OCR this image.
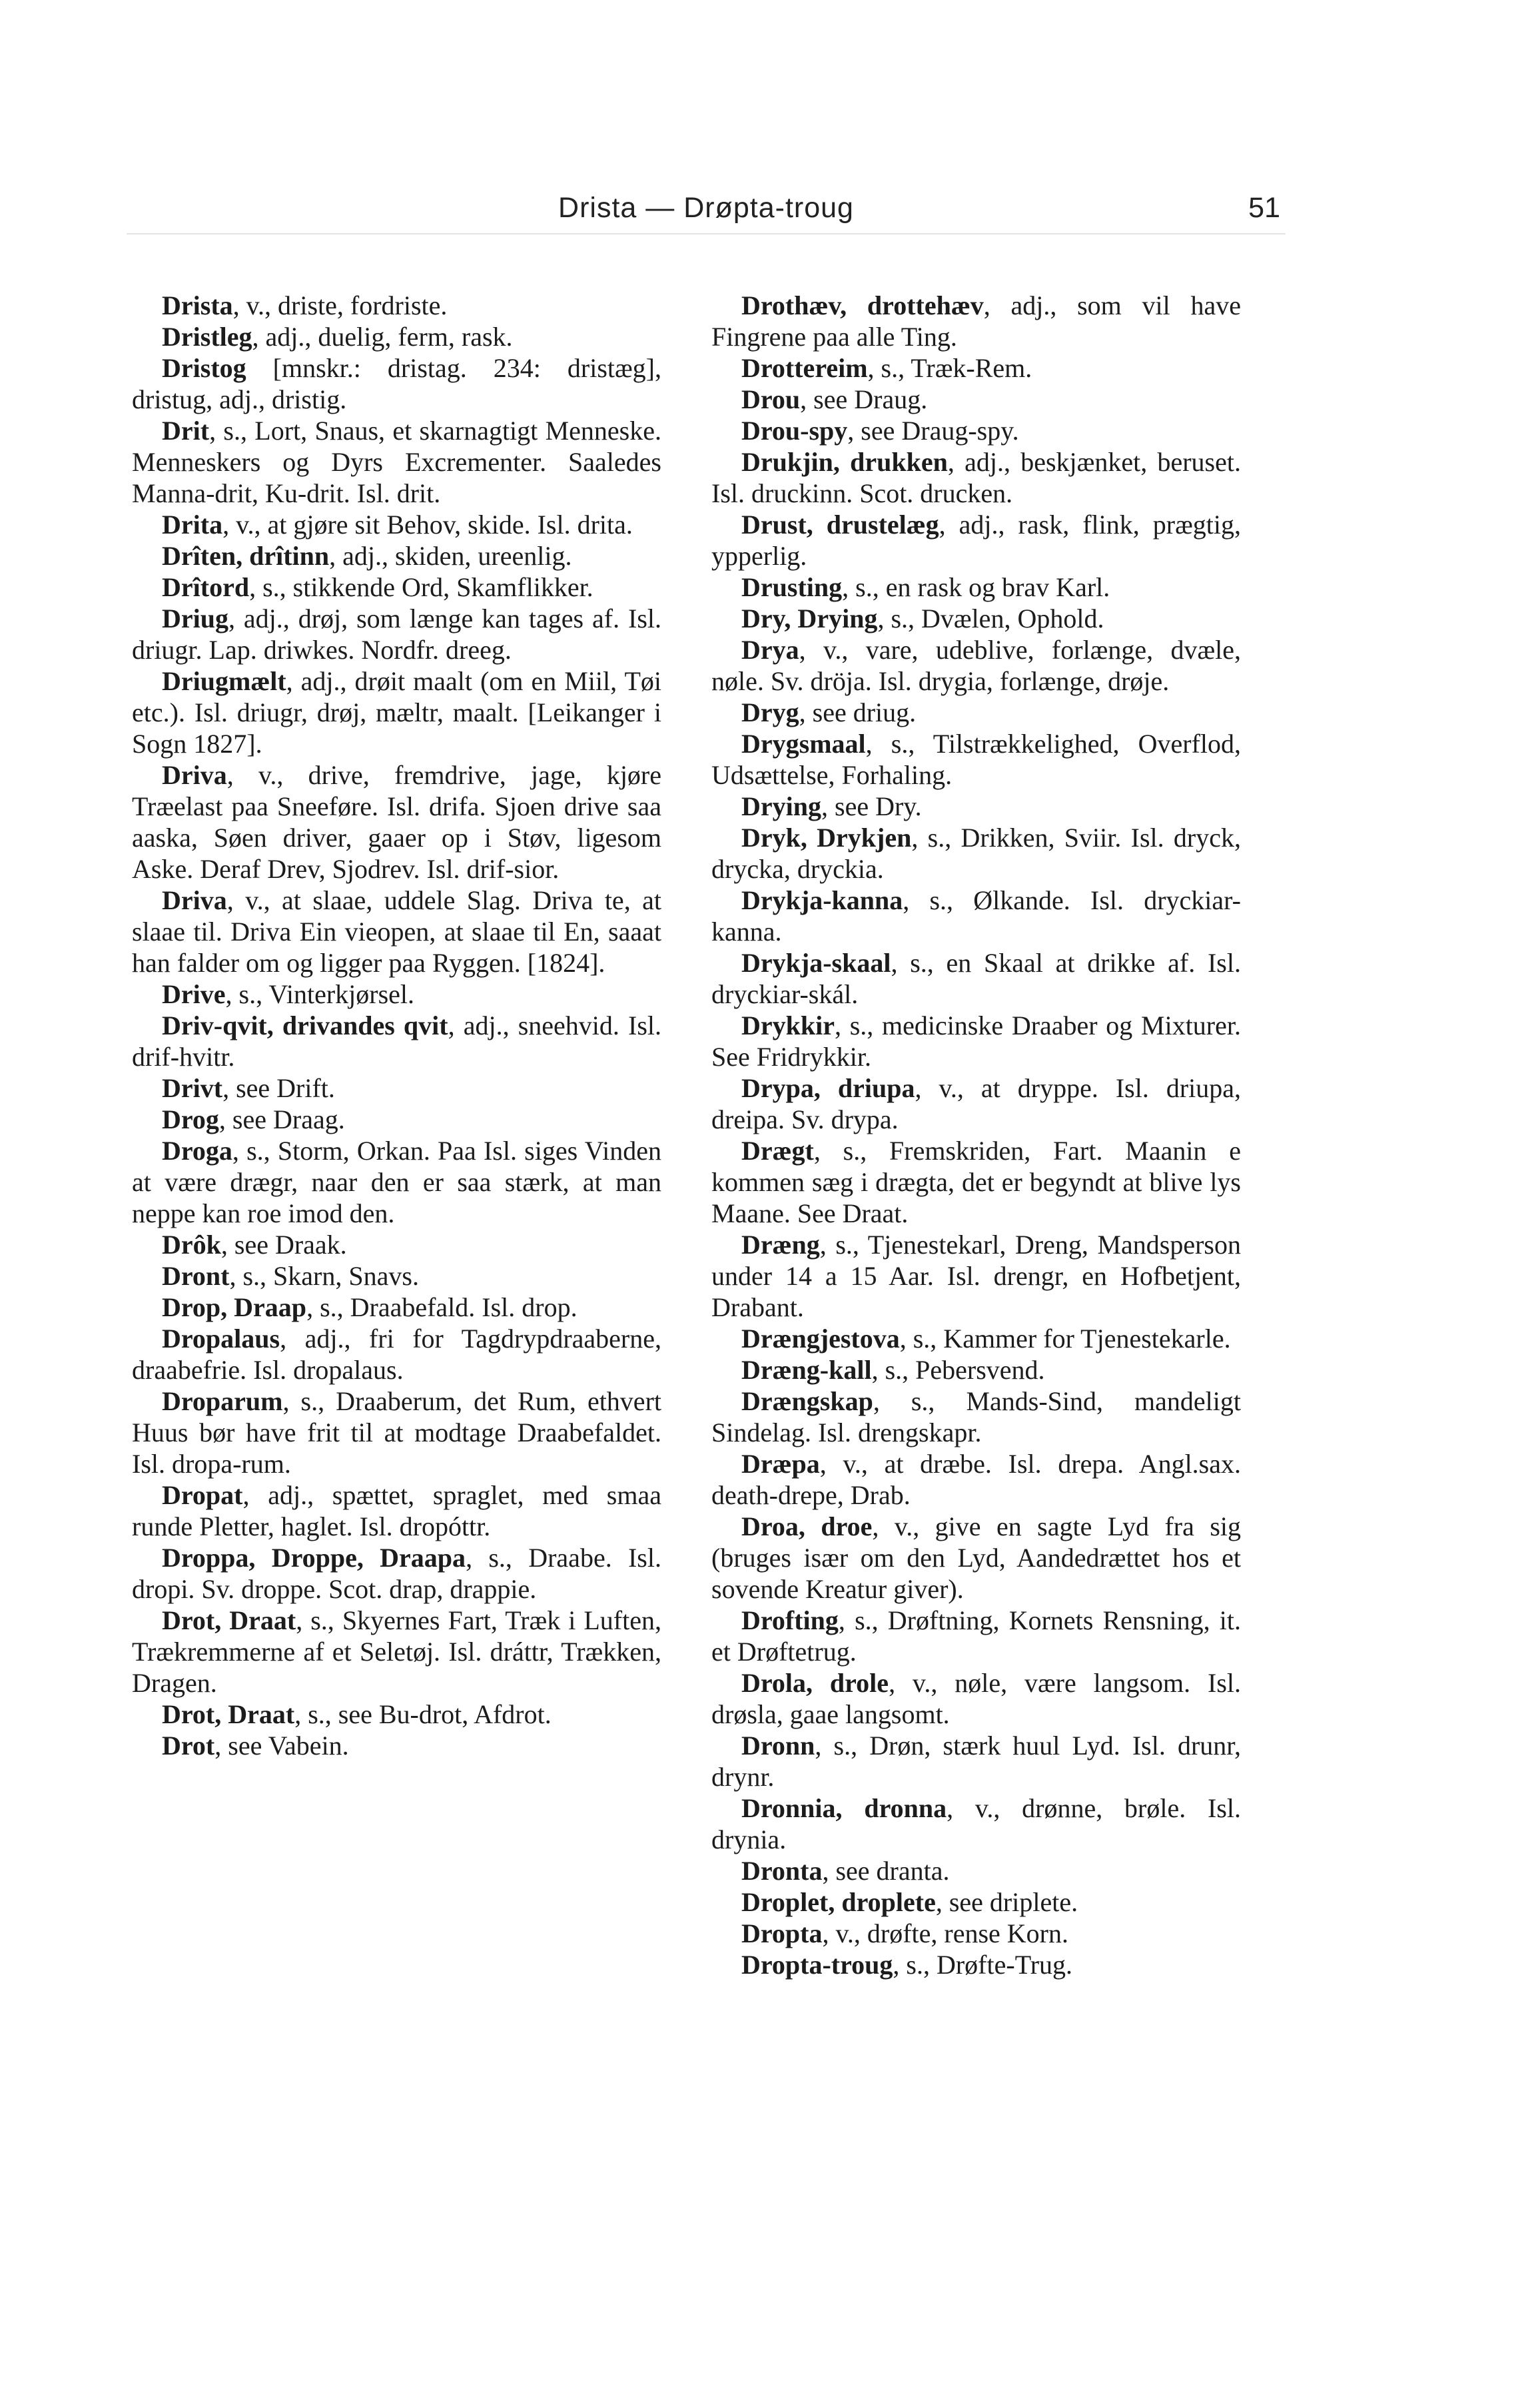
Drista — Drøpta-troug	51

Drista, v., driste, fordriste.

Dristleg, adj., duelig, ferm, rask.

Dristog [mnskr.: dristag. 234: dristæg], dristug, adj., dristig.

Drit, s., Lort, Snaus, et skarnagtigt Menneske. Menneskers og Dyrs Excrementer. Saaledes Manna-drit, Ku-drit. Isl. drit.

Drita, v., at gjøre sit Behov, skide. Isl. drita.

Drîten, drîtinn, adj., skiden, ureenlig.

Drîtord, s., stikkende Ord, Skamflikker.

Driug, adj., drøj, som længe kan tages af. Isl. driugr. Lap. driwkes. Nordfr. dreeg.

Driugmælt, adj., drøit maalt (om en Miil, Tøi etc.). Isl. driugr, drøj, mæltr, maalt. [Leikanger i Sogn 1827].

Driva, v., drive, fremdrive, jage, kjøre Træelast paa Sneeføre. Isl. drifa. Sjoen drive saa aaska, Søen driver, gaaer op i Støv, ligesom Aske. Deraf Drev, Sjodrev. Isl. drif-sior.

Driva, v., at slaae, uddele Slag. Driva te, at slaae til. Driva Ein vieopen, at slaae til En, saaat han falder om og ligger paa Ryggen. [1824].

Drive, s., Vinterkjørsel.

Driv-qvit, drivandes qvit, adj., sneehvid. Isl. drif-hvitr.

Drivt, see Drift.

Drog, see Draag.

Droga, s., Storm, Orkan. Paa Isl. siges Vinden at være drægr, naar den er saa stærk, at man neppe kan roe imod den.

Drôk, see Draak.

Dront, s., Skarn, Snavs.

Drop, Draap, s., Draabefald. Isl. drop.

Dropalaus, adj., fri for Tagdrypdraaberne, draabefrie. Isl. dropalaus.

Droparum, s., Draaberum, det Rum, ethvert Huus bør have frit til at modtage Draabefaldet. Isl. dropa-rum.

Dropat, adj., spættet, spraglet, med smaa runde Pletter, haglet. Isl. dropóttr.

Droppa, Droppe, Draapa, s., Draabe. Isl. dropi. Sv. droppe. Scot. drap, drappie.

Drot, Draat, s., Skyernes Fart, Træk i Luften, Trækremmerne af et Seletøj. Isl. dráttr, Trækken, Dragen.

Drot, Draat, s., see Bu-drot, Afdrot.

Drot, see Vabein.

Drothæv, drottehæv, adj., som vil have Fingrene paa alle Ting.

Drottereim, s., Træk-Rem.

Drou, see Draug.

Drou-spy, see Draug-spy.

Drukjin, drukken, adj., beskjænket, beruset. Isl. druckinn. Scot. drucken.

Drust, drustelæg, adj., rask, flink, prægtig, ypperlig.

Drusting, s., en rask og brav Karl.

Dry, Drying, s., Dvælen, Ophold.

Drya, v., vare, udeblive, forlænge, dvæle, nøle. Sv. dröja. Isl. drygia, forlænge, drøje.

Dryg, see driug.

Drygsmaal, s., Tilstrækkelighed, Overflod, Udsættelse, Forhaling.

Drying, see Dry.

Dryk, Drykjen, s., Drikken, Sviir. Isl. dryck, drycka, dryckia.

Drykja-kanna, s., Ølkande. Isl. dryckiar-kanna.

Drykja-skaal, s., en Skaal at drikke af. Isl. dryckiar-skál.

Drykkir, s., medicinske Draaber og Mixturer. See Fridrykkir.

Drypa, driupa, v., at dryppe. Isl. driupa, dreipa. Sv. drypa.

Drægt, s., Fremskriden, Fart. Maanin e kommen sæg i drægta, det er begyndt at blive lys Maane. See Draat.

Dræng, s., Tjenestekarl, Dreng, Mandsperson under 14 a 15 Aar. Isl. drengr, en Hofbetjent, Drabant.

Drængjestova, s., Kammer for Tjenestekarle.

Dræng-kall, s., Pebersvend.

Drængskap, s., Mands-Sind, mandeligt Sindelag. Isl. drengskapr.

Dræpa, v., at dræbe. Isl. drepa. Angl.sax. death-drepe, Drab.

Droa, droe, v., give en sagte Lyd fra sig (bruges især om den Lyd, Aandedrættet hos et sovende Kreatur giver).

Drofting, s., Drøftning, Kornets Rensning, it. et Drøftetrug.

Drola, drole, v., nøle, være langsom. Isl. drøsla, gaae langsomt.

Dronn, s., Drøn, stærk huul Lyd. Isl. drunr, drynr.

Dronnia, dronna, v., drønne, brøle. Isl. drynia.

Dronta, see dranta.

Droplet, droplete, see driplete.

Dropta, v., drøfte, rense Korn.

Dropta-troug, s., Drøfte-Trug.
